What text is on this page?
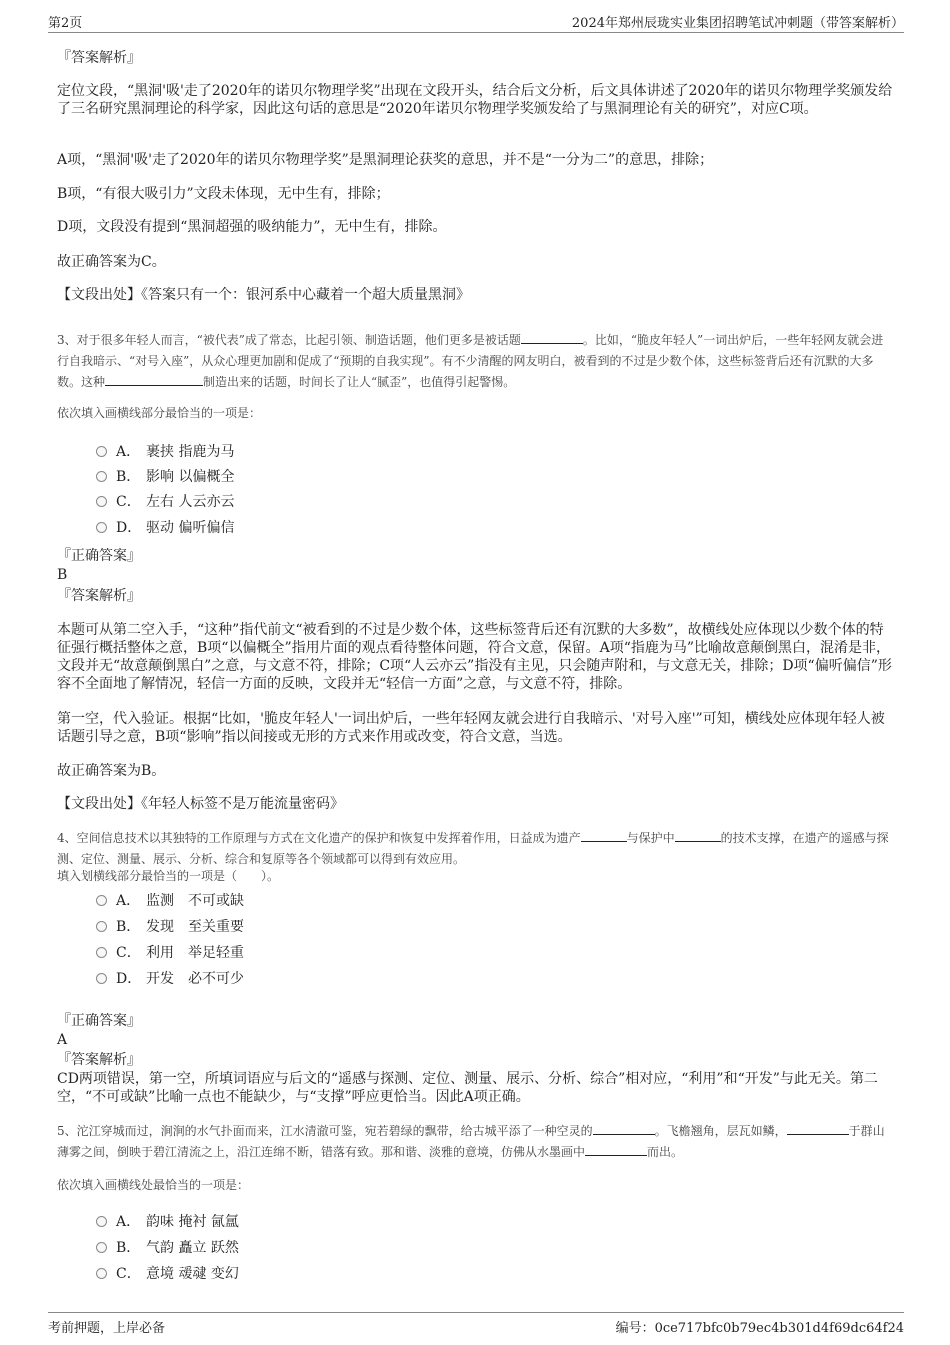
第2页	2024年郑州辰珑实业集团招聘笔试冲刺题（带答案解析）
『答案解析』
定位文段，“黑洞'吸'走了2020年的诺贝尔物理学奖”出现在文段开头，结合后文分析，后文具体讲述了2020年的诺贝尔物理学奖颁发给了三名研究黑洞理论的科学家，因此这句话的意思是“2020年诺贝尔物理学奖颁发给了与黑洞理论有关的研究”，对应C项。
A项，“黑洞'吸'走了2020年的诺贝尔物理学奖”是黑洞理论获奖的意思，并不是“一分为二”的意思，排除；
B项，“有很大吸引力”文段未体现，无中生有，排除；
D项，文段没有提到“黑洞超强的吸纳能力”，无中生有，排除。
故正确答案为C。
【文段出处】《答案只有一个：银河系中心藏着一个超大质量黑洞》
3、对于很多年轻人而言，“被代表”成了常态，比起引领、制造话题，他们更多是被话题	。比如，“脆皮年轻人”一词出炉后，一些年轻网友就会进行自我暗示、“对号入座”，从众心理更加剧和促成了“预期的自我实现”。有不少清醒的网友明白，被看到的不过是少数个体，这些标签背后还有沉默的大多数。这种	制造出来的话题，时间长了让人“腻歪”，也值得引起警惕。
依次填入画横线部分最恰当的一项是：
A． 裹挟 指鹿为马
B． 影响 以偏概全
C． 左右 人云亦云
D． 驱动 偏听偏信
『正确答案』
B
『答案解析』
本题可从第二空入手，“这种”指代前文“被看到的不过是少数个体，这些标签背后还有沉默的大多数”，故横线处应体现以少数个体的特征强行概括整体之意，B项“以偏概全”指用片面的观点看待整体问题，符合文意，保留。A项“指鹿为马”比喻故意颠倒黑白，混淆是非，文段并无“故意颠倒黑白”之意，与文意不符，排除；C项“人云亦云”指没有主见，只会随声附和，与文意无关，排除；D项“偏听偏信”形容不全面地了解情况，轻信一方面的反映，文段并无“轻信一方面”之意，与文意不符，排除。
第一空，代入验证。根据“比如，'脆皮年轻人'一词出炉后，一些年轻网友就会进行自我暗示、'对号入座'”可知，横线处应体现年轻人被话题引导之意，B项“影响”指以间接或无形的方式来作用或改变，符合文意，当选。
故正确答案为B。
【文段出处】《年轻人标签不是万能流量密码》
4、空间信息技术以其独特的工作原理与方式在文化遗产的保护和恢复中发挥着作用，日益成为遗产	与保护中	的技术支撑，在遗产的遥感与探测、定位、测量、展示、分析、综合和复原等各个领域都可以得到有效应用。
填入划横线部分最恰当的一项是（　　）。
A． 监测　不可或缺
B． 发现　至关重要
C． 利用　举足轻重
D． 开发　必不可少
『正确答案』
A
『答案解析』
CD两项错误，第一空，所填词语应与后文的“遥感与探测、定位、测量、展示、分析、综合”相对应，“利用”和“开发”与此无关。第二空，“不可或缺”比喻一点也不能缺少，与“支撑”呼应更恰当。因此A项正确。
5、沱江穿城而过，涧涧的水气扑面而来，江水清澈可鉴，宛若碧绿的飘带，给古城平添了一种空灵的	。飞檐翘角，层瓦如鳞，	于群山薄雾之间，倒映于碧江清流之上，沿江连绵不断，错落有致。那和谐、淡雅的意境，仿佛从水墨画中	而出。
依次填入画横线处最恰当的一项是：
A． 韵味 掩衬 氤氲
B． 气韵 矗立 跃然
C． 意境 叆叇 变幻
考前押题，上岸必备	编号：0ce717bfc0b79ec4b301d4f69dc64f24
